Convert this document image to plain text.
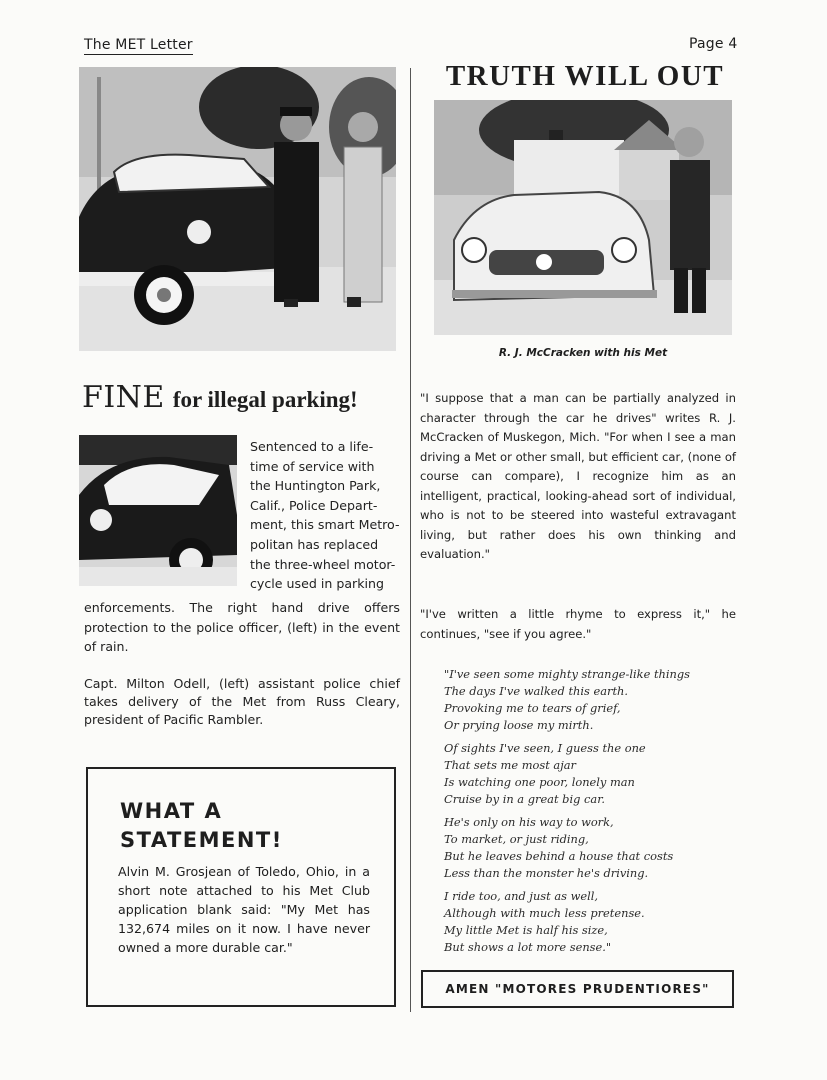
The MET Letter	Page 4
FINE for illegal parking!
Sentenced to a life-
time of service with
the Huntington Park,
Calif., Police Depart-
ment, this smart Metro-
politan has replaced
the three-wheel motor-
cycle used in parking
enforcements. The right hand drive offers protection to the police officer, (left) in the event of rain.
Capt. Milton Odell, (left) assistant police chief takes delivery of the Met from Russ Cleary, president of Pacific Rambler.
WHAT A STATEMENT!
Alvin M. Grosjean of Toledo, Ohio, in a short note attached to his Met Club application blank said: "My Met has 132,674 miles on it now. I have never owned a more durable car."
TRUTH WILL OUT
R. J. McCracken with his Met
"I suppose that a man can be partially analyzed in character through the car he drives" writes R. J. McCracken of Muskegon, Mich. "For when I see a man driving a Met or other small, but efficient car, (none of course can compare), I recognize him as an intelligent, practical, looking-ahead sort of individual, who is not to be steered into wasteful extravagant living, but rather does his own thinking and evaluation."
"I've written a little rhyme to express it," he continues, "see if you agree."
"I've seen some mighty strange-like things
The days I've walked this earth.
Provoking me to tears of grief,
Or prying loose my mirth.
Of sights I've seen, I guess the one
That sets me most ajar
Is watching one poor, lonely man
Cruise by in a great big car.
He's only on his way to work,
To market, or just riding,
But he leaves behind a house that costs
Less than the monster he's driving.
I ride too, and just as well,
Although with much less pretense.
My little Met is half his size,
But shows a lot more sense."
AMEN "MOTORES PRUDENTIORES"
